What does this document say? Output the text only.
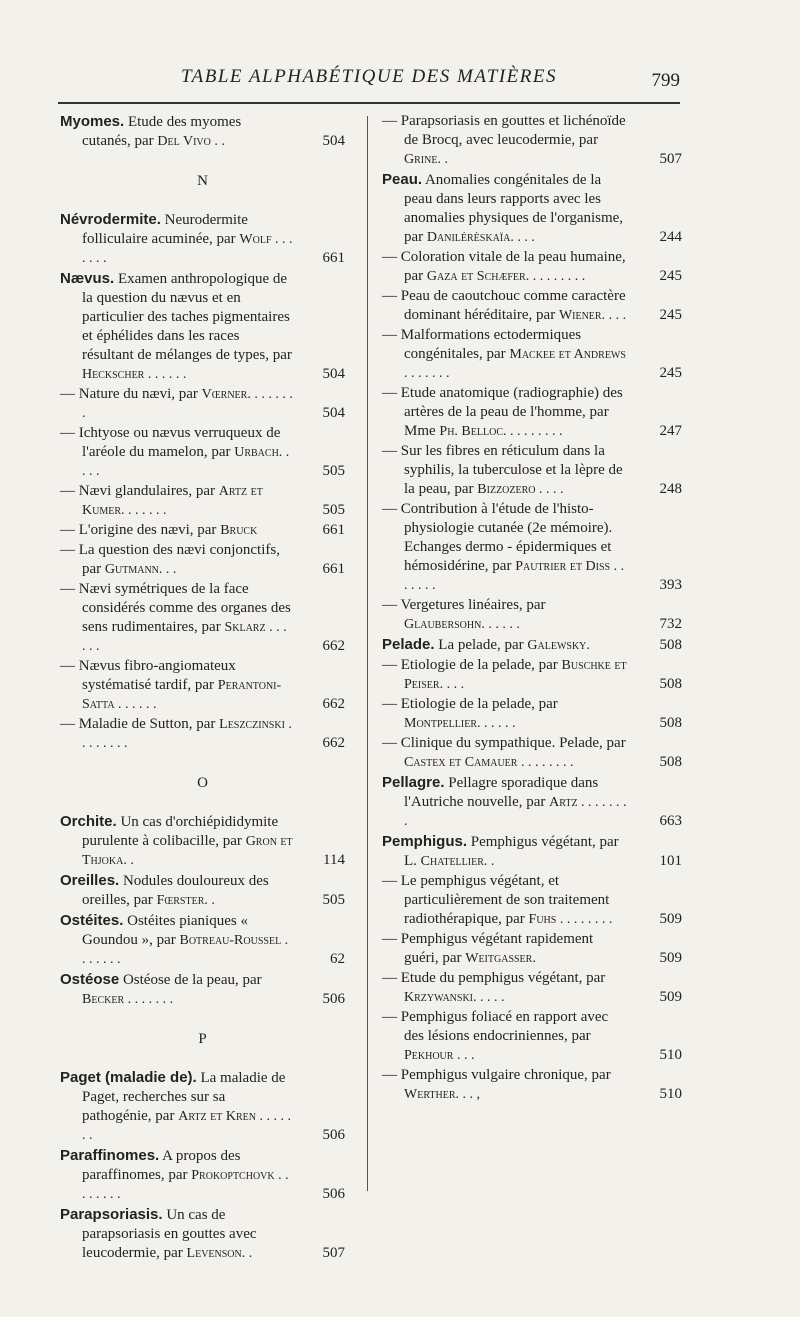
TABLE ALPHABÉTIQUE DES MATIÈRES	799
Myomes. Etude des myomes cutanés, par Del Vivo . .	504
N
Névrodermite. Neurodermite folliculaire acuminée, par Wolf . . . . . . .	661
Nævus. Examen anthropologique de la question du nævus et en particulier des taches pigmentaires et éphélides dans les races résultant de mélanges de types, par Heckscher . . . . . .	504
— Nature du nævi, par Vœrner. . . . . . . .	504
— Ichtyose ou nævus verruqueux de l'aréole du mamelon, par Urbach. . . . .	505
— Nævi glandulaires, par Artz et Kumer. . . . . . .	505
— L'origine des nævi, par Bruck	661
— La question des nævi conjonctifs, par Gutmann. . .	661
— Nævi symétriques de la face considérés comme des organes des sens rudimentaires, par Sklarz . . . . . .	662
— Nævus fibro-angiomateux systématisé tardif, par Perantoni-Satta . . . . . .	662
— Maladie de Sutton, par Leszczinski . . . . . . . .	662
O
Orchite. Un cas d'orchiépididymite purulente à colibacille, par Gron et Thjoka. .	114
Oreilles. Nodules douloureux des oreilles, par Fœrster. .	505
Ostéites. Ostéites pianiques « Goundou », par Botreau-Roussel . . . . . . .	62
Ostéose Ostéose de la peau, par Becker . . . . . . .	506
P
Paget (maladie de). La maladie de Paget, recherches sur sa pathogénie, par Artz et Kren . . . . . . .	506
Paraffinomes. A propos des paraffinomes, par Prokoptchovk . . . . . . . .	506
Parapsoriasis. Un cas de parapsoriasis en gouttes avec leucodermie, par Levenson. .	507
— Parapsoriasis en gouttes et lichénoïde de Brocq, avec leucodermie, par Grine. .	507
Peau. Anomalies congénitales de la peau dans leurs rapports avec les anomalies physiques de l'organisme, par Danilérèskaïa. . . .	244
— Coloration vitale de la peau humaine, par Gaza et Schæfer. . . . . . . . .	245
— Peau de caoutchouc comme caractère dominant héréditaire, par Wiener. . . . 245
— Malformations ectodermiques congénitales, par Mackee et Andrews . . . . . . .	245
— Etude anatomique (radiographie) des artères de la peau de l'homme, par Mme Ph. Belloc. . . . . . . . .	247
— Sur les fibres en réticulum dans la syphilis, la tuberculose et la lèpre de la peau, par Bizzozero . . . .	248
— Contribution à l'étude de l'histo-physiologie cutanée (2e mémoire). Echanges dermo - épidermiques et hémosidérine, par Pautrier et Diss . . . . . . .	393
— Vergetures linéaires, par Glaubersohn. . . . . .	732
Pelade. La pelade, par Galewsky.	508
— Etiologie de la pelade, par Buschke et Peiser. . . .	508
— Etiologie de la pelade, par Montpellier. . . . . .	508
— Clinique du sympathique. Pelade, par Castex et Camauer . . . . . . . .	508
Pellagre. Pellagre sporadique dans l'Autriche nouvelle, par Artz . . . . . . . .	663
Pemphigus. Pemphigus végétant, par L. Chatellier. .	101
— Le pemphigus végétant, et particulièrement de son traitement radiothérapique, par Fuhs . . . . . . . .	509
— Pemphigus végétant rapidement guéri, par Weitgasser.	509
— Etude du pemphigus végétant, par Krzywanski. . . . .	509
— Pemphigus foliacé en rapport avec des lésions endocriniennes, par Pekhour . . .	510
— Pemphigus vulgaire chronique, par Werther. . . ,	510
